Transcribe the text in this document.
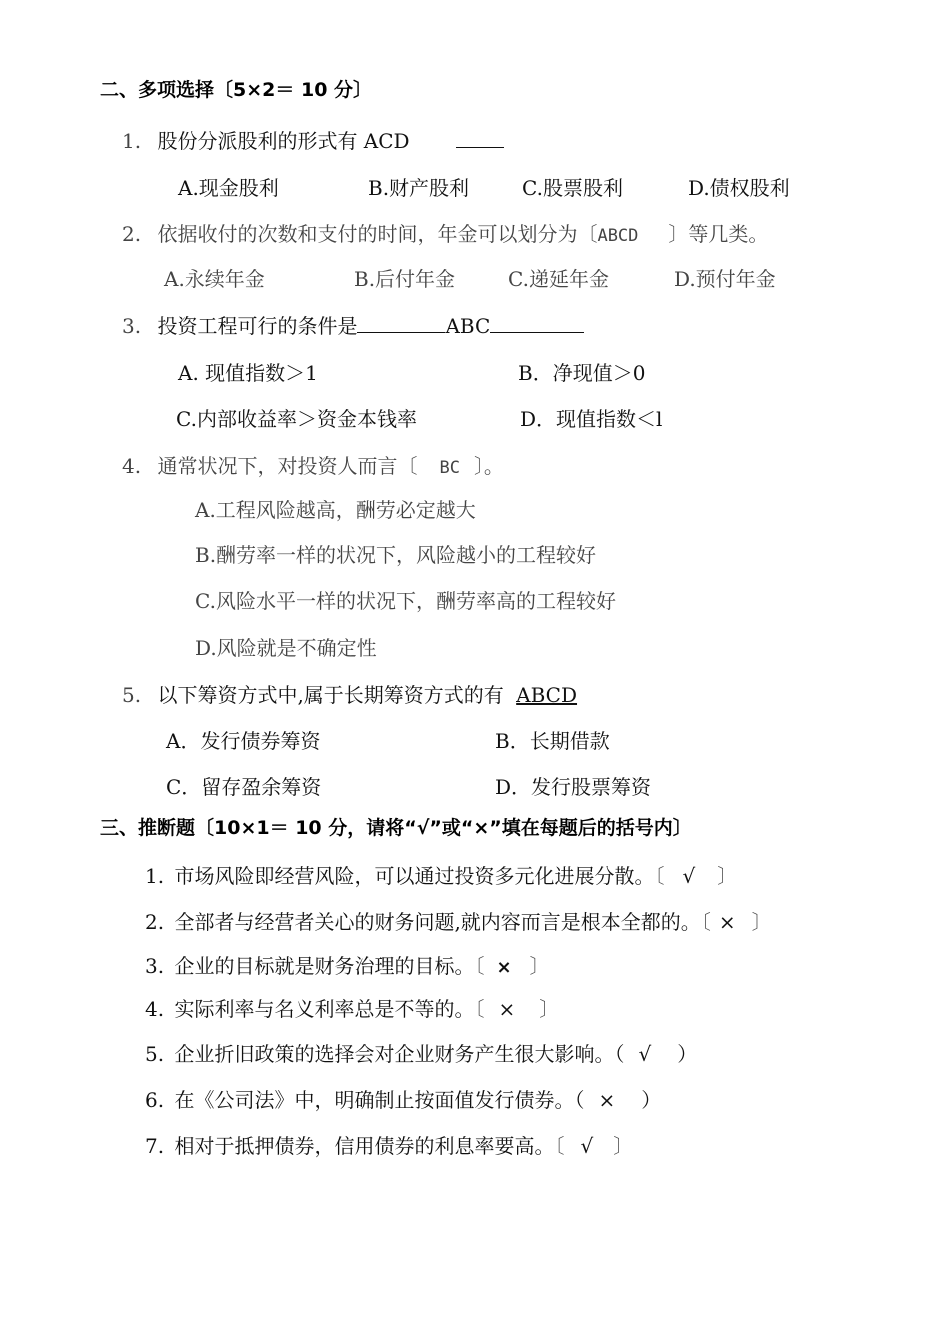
二、多项选择〔5×2＝ 10 分〕
1. 股份分派股利的形式有 ACD
A.现金股利	B.财产股利	C.股票股利	D.债权股利
2. 依据收付的次数和支付的时间，年金可以划分为〔ABCD 〕等几类。
A.永续年金	B.后付年金	C.递延年金	D.预付年金
3. 投资工程可行的条件是	ABC
A. 现值指数＞1	B．净现值＞0
C.内部收益率＞资金本钱率	D．现值指数＜l
4. 通常状况下，对投资人而言〔 BC 〕。
A.工程风险越高，酬劳必定越大
B.酬劳率一样的状况下，风险越小的工程较好
C.风险水平一样的状况下，酬劳率高的工程较好
D.风险就是不确定性
5. 以下筹资方式中,属于长期筹资方式的有 ABCD
A．发行债券筹资	B．长期借款
C．留存盈余筹资	D．发行股票筹资
三、推断题〔10×1＝ 10 分，请将“√”或“×”填在每题后的括号内〕
1. 市场风险即经营风险，可以通过投资多元化进展分散。〔 √ 〕
2. 全部者与经营者关心的财务问题,就内容而言是根本全都的。〔 × 〕
3. 企业的目标就是财务治理的目标。〔 × 〕
4. 实际利率与名义利率总是不等的。〔 × 〕
5. 企业折旧政策的选择会对企业财务产生很大影响。（ √ ）
6. 在《公司法》中，明确制止按面值发行债券。（ × ）
7. 相对于抵押债券，信用债券的利息率要高。〔 √ 〕
